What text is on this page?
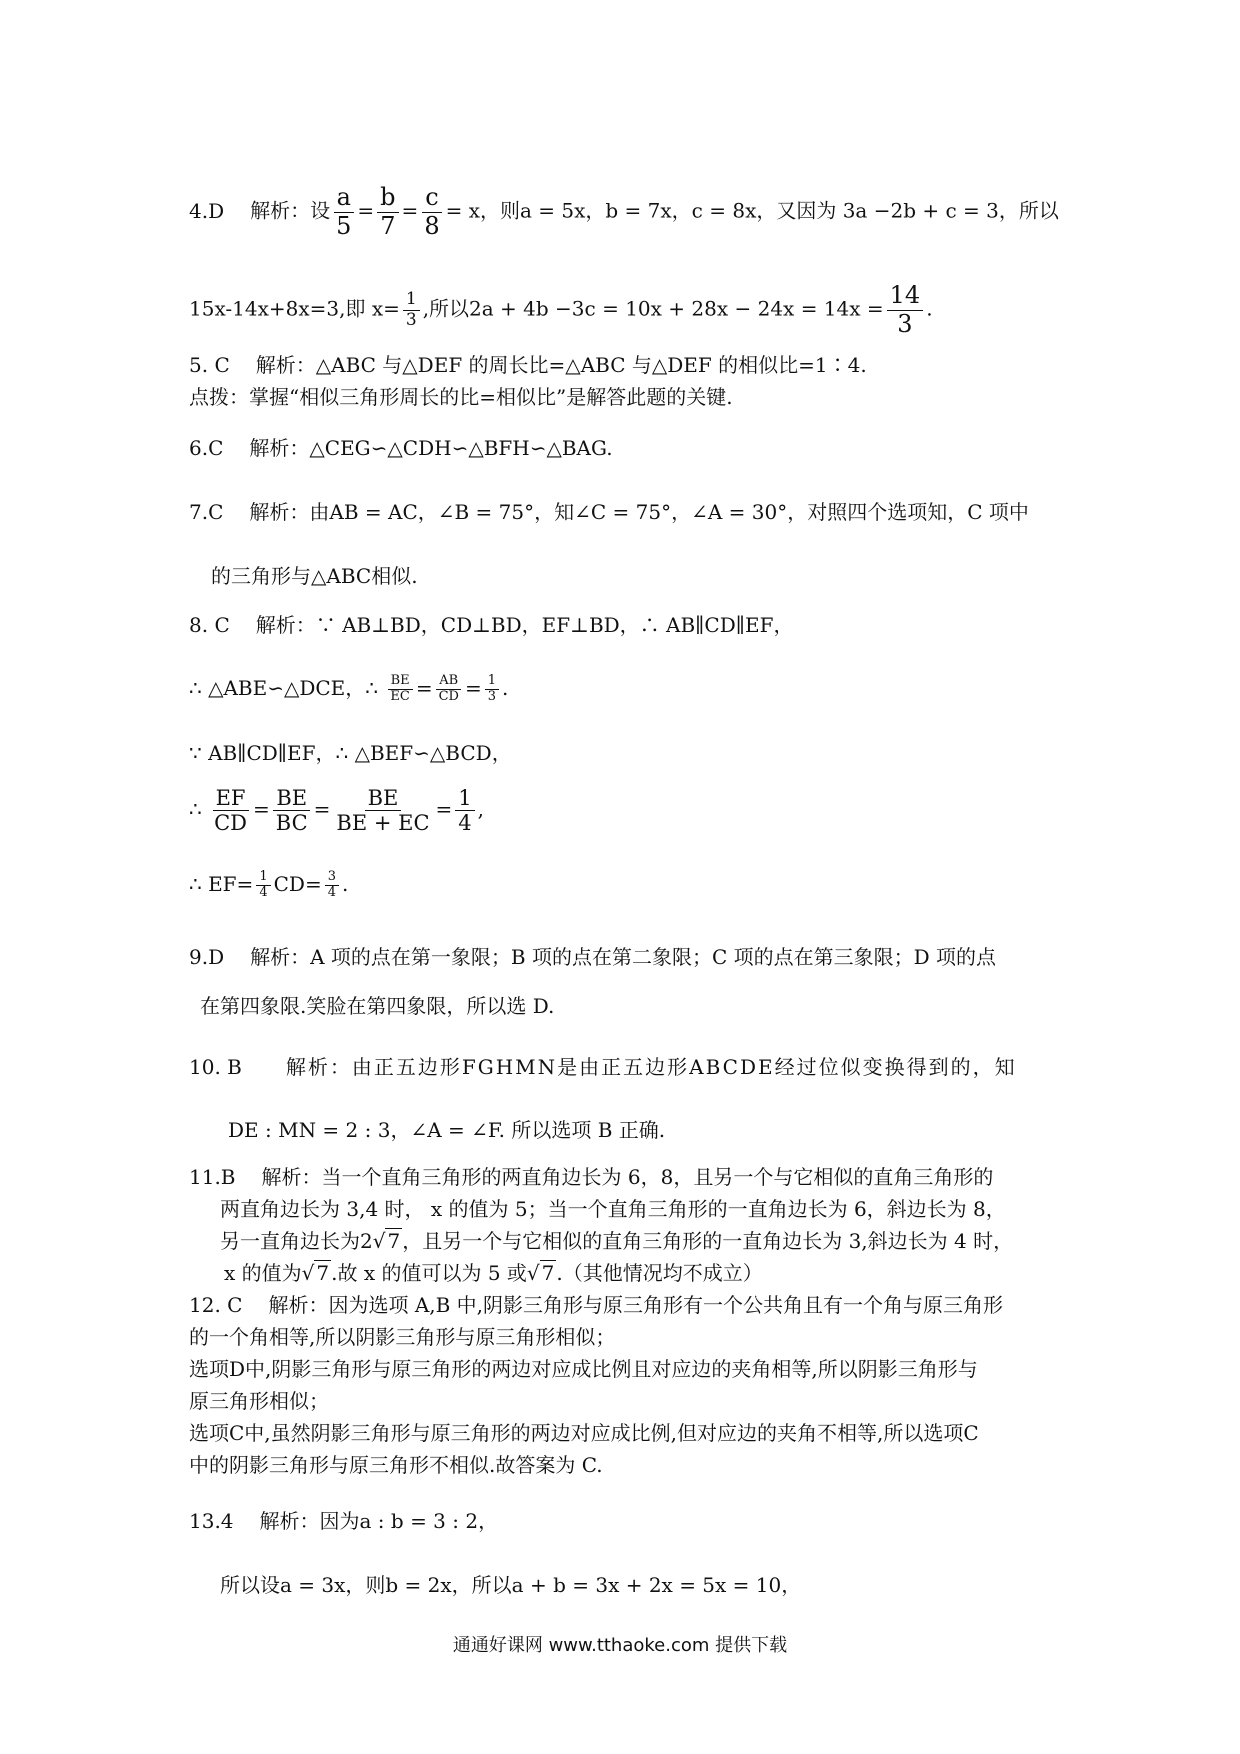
4.D 解析：设 $\frac{a}{5} = \frac{b}{7} = \frac{c}{8} = x$，则a = 5x，b = 7x，c = 8x，又因为 3a −2b + c = 3，所以
15x-14x+8x=3,即 $x= \frac{1}{3}$ ,所以$2a + 4b -3c = 10x + 28x - 24x = 14x = \frac{14}{3}$ .
5. C 解析：△ABC 与△DEF 的周长比=△ABC 与△DEF 的相似比=1∶4.
点拨：掌握“相似三角形周长的比=相似比”是解答此题的关键.
6.C 解析：△CEG∽△CDH∽△BFH∽△BAG.
7.C 解析：由AB = AC，∠B = 75°，知∠C = 75°，∠A = 30°，对照四个选项知，C 项中
的三角形与△ABC相似.
8. C 解析：∵ AB⊥BD，CD⊥BD，EF⊥BD，∴ AB∥CD∥EF，
∴ △ABE∽△DCE，∴ $\frac{BE}{EC} = \frac{AB}{CD} = \frac{1}{3}$ .
∵ AB∥CD∥EF，∴ △BEF∽△BCD，
∴ $\frac{EF}{CD} = \frac{BE}{BC} = \frac{BE}{BE + EC} = \frac{1}{4}$ ,
∴ $EF= \frac{1}{4} CD= \frac{3}{4}$ .
9.D 解析：A 项的点在第一象限；B 项的点在第二象限；C 项的点在第三象限；D 项的点
在第四象限.笑脸在第四象限，所以选 D.
10. B 解析：由正五边形FGHMN是由正五边形ABCDE经过位似变换得到的，知
DE : MN = 2 : 3，∠A = ∠F. 所以选项 B 正确.
11.B 解析：当一个直角三角形的两直角边长为 6，8，且另一个与它相似的直角三角形的
两直角边长为 3,4 时， x 的值为 5；当一个直角三角形的一直角边长为 6，斜边长为 8，
另一直角边长为2√ 7 ，且另一个与它相似的直角三角形的一直角边长为 3,斜边长为 4 时，
x 的值为√ 7 .故 x 的值可以为 5 或√ 7 .（其他情况均不成立）
12. C 解析：因为选项 A,B 中,阴影三角形与原三角形有一个公共角且有一个角与原三角形
的一个角相等,所以阴影三角形与原三角形相似；
选项D中,阴影三角形与原三角形的两边对应成比例且对应边的夹角相等,所以阴影三角形与
原三角形相似；
选项C中,虽然阴影三角形与原三角形的两边对应成比例,但对应边的夹角不相等,所以选项C
中的阴影三角形与原三角形不相似.故答案为 C.
13.4 解析：因为a : b = 3 : 2，
所以设a = 3x，则b = 2x，所以a + b = 3x + 2x = 5x = 10，
通通好课网 www.tthaoke.com 提供下载
